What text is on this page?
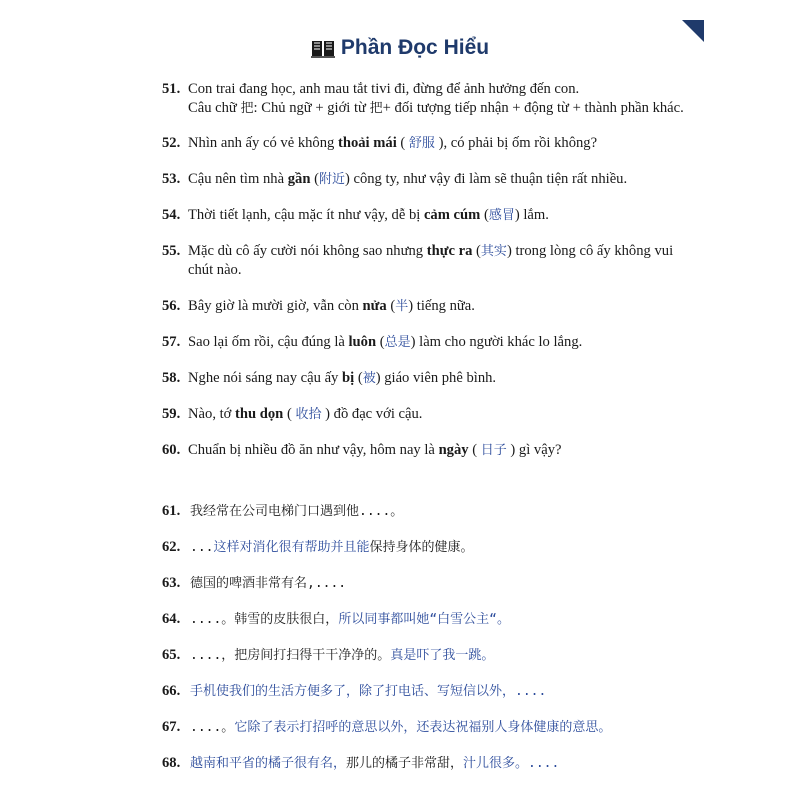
Phần Đọc Hiểu
51. Con trai đang học, anh mau tắt tivi đi, đừng để ảnh hưởng đến con.
Câu chữ 把: Chủ ngữ + giới từ 把+ đối tượng tiếp nhận + động từ + thành phần khác.
52. Nhìn anh ấy có vẻ không thoải mái ( 舒服 ), có phải bị ốm rồi không?
53. Cậu nên tìm nhà gần (附近) công ty, như vậy đi làm sẽ thuận tiện rất nhiều.
54. Thời tiết lạnh, cậu mặc ít như vậy, dễ bị cảm cúm (感冒) lắm.
55. Mặc dù cô ấy cười nói không sao nhưng thực ra (其实) trong lòng cô ấy không vui
chút nào.
56. Bây giờ là mười giờ, vẫn còn nửa (半) tiếng nữa.
57. Sao lại ốm rồi, cậu đúng là luôn (总是) làm cho người khác lo lắng.
58. Nghe nói sáng nay cậu ấy bị (被) giáo viên phê bình.
59. Nào, tớ thu dọn ( 收拾 ) đồ đạc với cậu.
60. Chuẩn bị nhiều đồ ăn như vậy, hôm nay là ngày ( 日子 ) gì vậy?
61. 我经常在公司电梯门口遇到他....。
62. ...这样对消化很有帮助并且能保持身体的健康。
63. 德国的啤酒非常有名,....
64. ....。韩雪的皮肤很白，所以同事都叫她“白雪公主“。
65. ....，把房间打扫得干干净净的。真是吓了我一跳。
66. 手机使我们的生活方便多了，除了打电话、写短信以外，....
67. ....。它除了表示打招呼的意思以外，还表达祝福别人身体健康的意思。
68. 越南和平省的橘子很有名，那儿的橘子非常甜，汁儿很多。....
